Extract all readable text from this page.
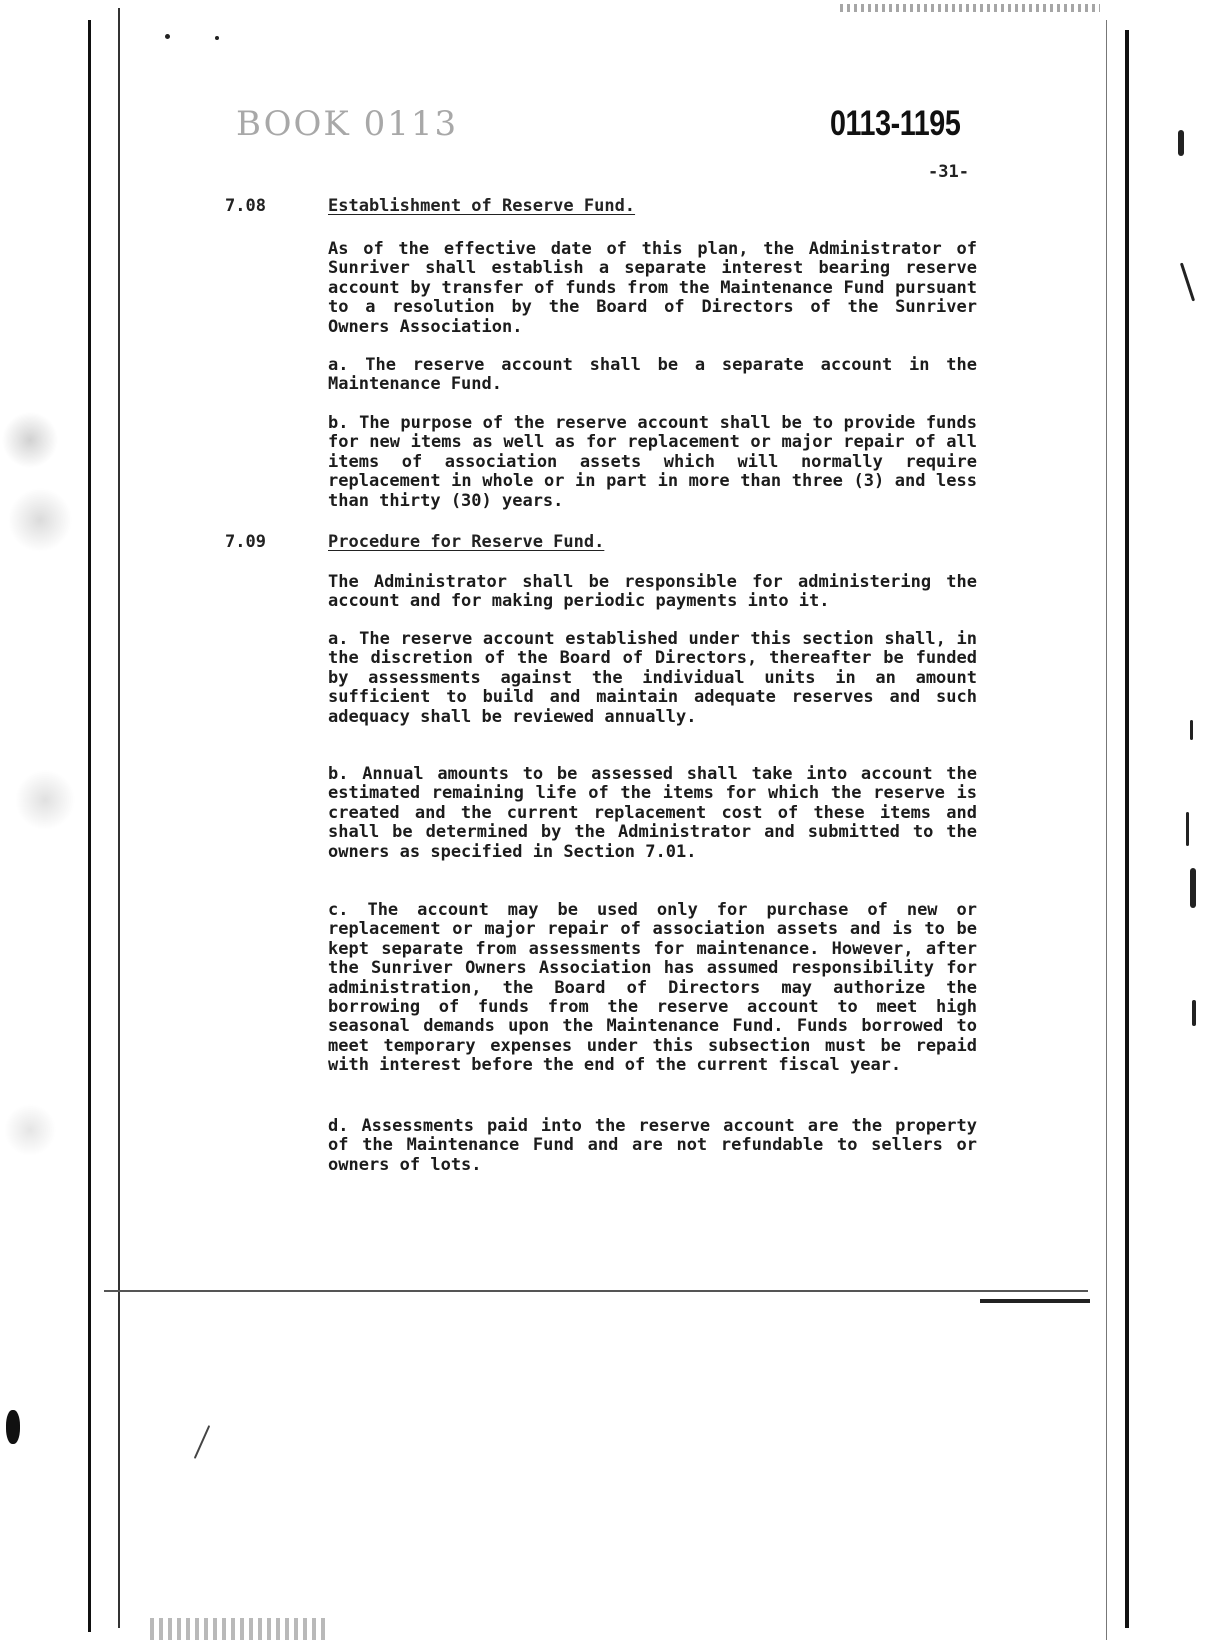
BOOK 0113	0113-1195
-31-
7.08	Establishment of Reserve Fund.

As of the effective date of this plan, the Administrator of Sunriver shall establish a separate interest bearing reserve account by transfer of funds from the Maintenance Fund pursuant to a resolution by the Board of Directors of the Sunriver Owners Association.

a. The reserve account shall be a separate account in the Maintenance Fund.

b. The purpose of the reserve account shall be to provide funds for new items as well as for replacement or major repair of all items of association assets which will normally require replacement in whole or in part in more than three (3) and less than thirty (30) years.

7.09	Procedure for Reserve Fund.

The Administrator shall be responsible for administering the account and for making periodic payments into it.

a. The reserve account established under this section shall, in the discretion of the Board of Directors, thereafter be funded by assessments against the individual units in an amount sufficient to build and maintain adequate reserves and such adequacy shall be reviewed annually.

b. Annual amounts to be assessed shall take into account the estimated remaining life of the items for which the reserve is created and the current replacement cost of these items and shall be determined by the Administrator and submitted to the owners as specified in Section 7.01.

c. The account may be used only for purchase of new or replacement or major repair of association assets and is to be kept separate from assessments for maintenance. However, after the Sunriver Owners Association has assumed responsibility for administration, the Board of Directors may authorize the borrowing of funds from the reserve account to meet high seasonal demands upon the Maintenance Fund. Funds borrowed to meet temporary expenses under this subsection must be repaid with interest before the end of the current fiscal year.

d. Assessments paid into the reserve account are the property of the Maintenance Fund and are not refundable to sellers or owners of lots.
